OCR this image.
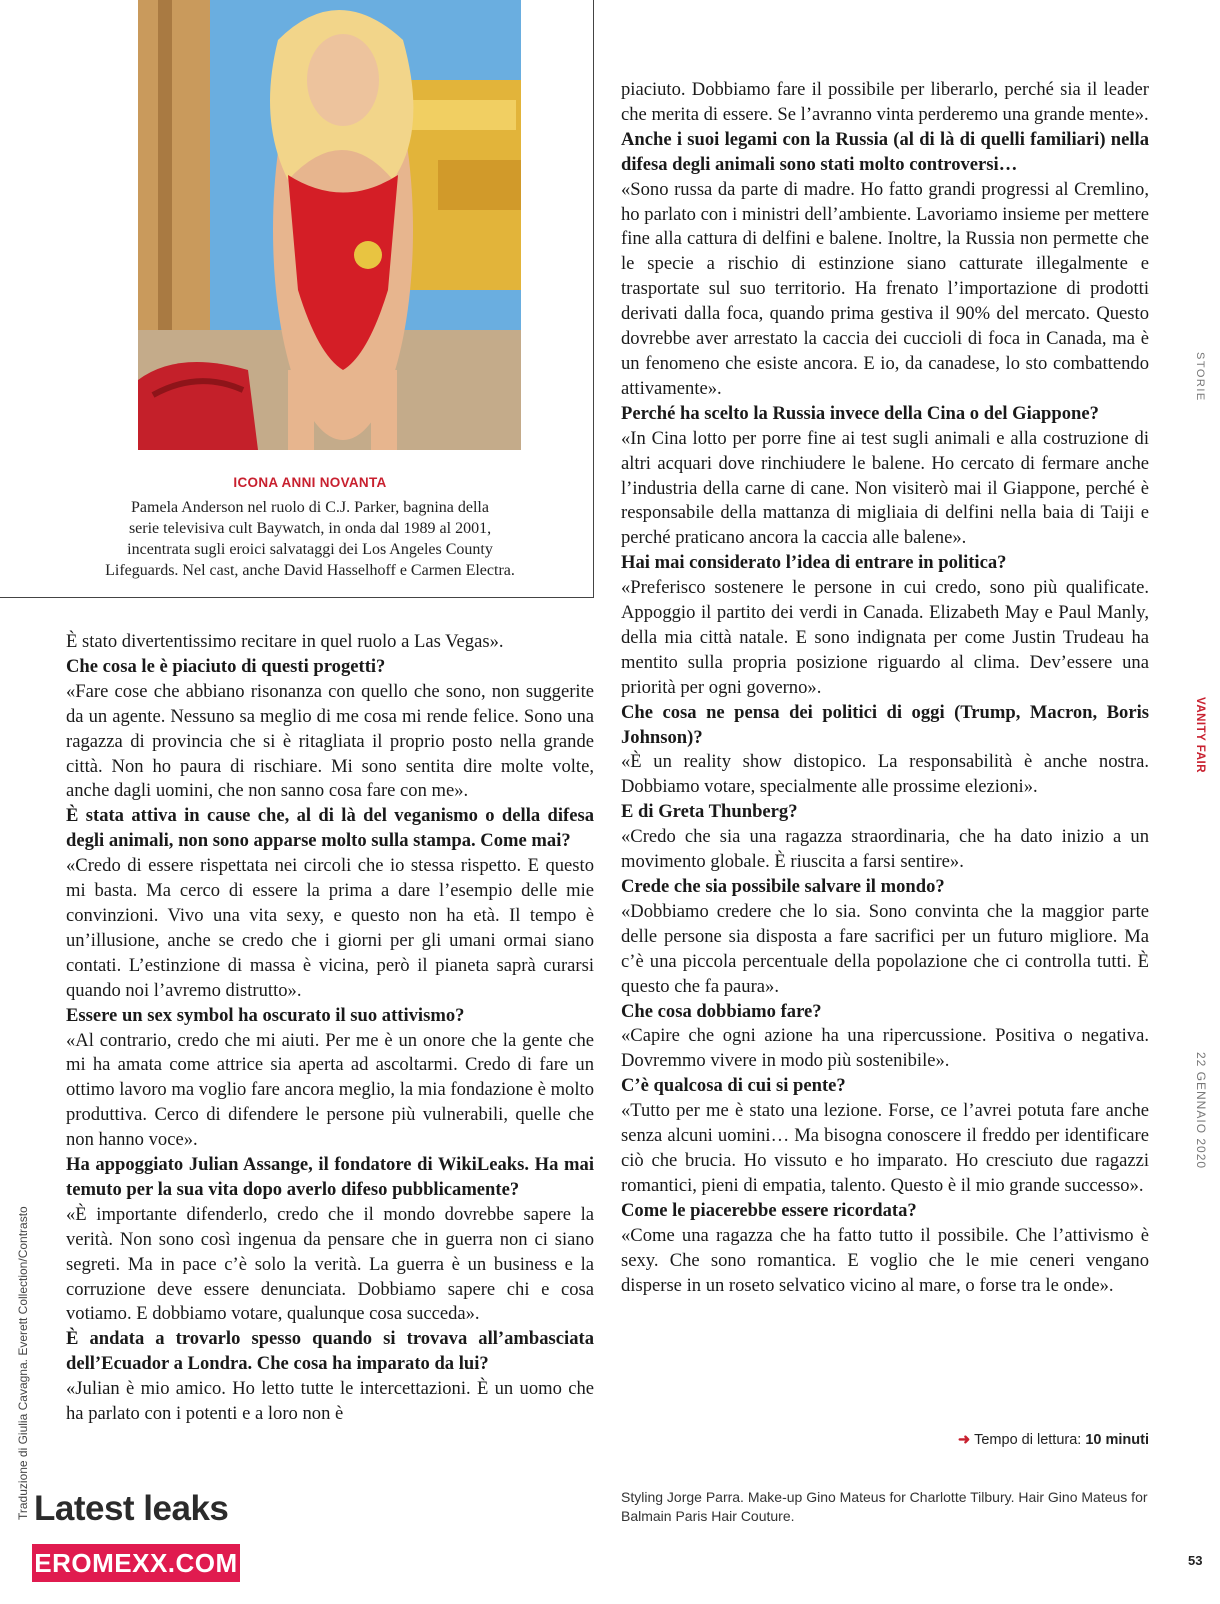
ICONA ANNI NOVANTA
Pamela Anderson nel ruolo di C.J. Parker, bagnina della
serie televisiva cult Baywatch, in onda dal 1989 al 2001,
incentrata sugli eroici salvataggi dei Los Angeles County
Lifeguards. Nel cast, anche David Hasselhoff e Carmen Electra.

È stato divertentissimo recitare in quel ruolo a Las Vegas».

Che cosa le è piaciuto di questi progetti?

«Fare cose che abbiano risonanza con quello che sono, non suggerite da un agente. Nessuno sa meglio di me cosa mi rende felice. Sono una ragazza di provincia che si è ritagliata il proprio posto nella grande città. Non ho paura di rischiare. Mi sono sentita dire molte volte, anche dagli uomini, che non sanno cosa fare con me».

È stata attiva in cause che, al di là del veganismo o della difesa degli animali, non sono apparse molto sulla stampa. Come mai?

«Credo di essere rispettata nei circoli che io stessa rispetto. E questo mi basta. Ma cerco di essere la prima a dare l’esempio delle mie convinzioni. Vivo una vita sexy, e questo non ha età. Il tempo è un’illusione, anche se credo che i giorni per gli umani ormai siano contati. L’estinzione di massa è vicina, però il pianeta saprà curarsi quando noi l’avremo distrutto».

Essere un sex symbol ha oscurato il suo attivismo?

«Al contrario, credo che mi aiuti. Per me è un onore che la gente che mi ha amata come attrice sia aperta ad ascoltarmi. Credo di fare un ottimo lavoro ma voglio fare ancora meglio, la mia fondazione è molto produttiva. Cerco di difendere le persone più vulnerabili, quelle che non hanno voce».

Ha appoggiato Julian Assange, il fondatore di WikiLeaks. Ha mai temuto per la sua vita dopo averlo difeso pubblicamente?

«È importante difenderlo, credo che il mondo dovrebbe sapere la verità. Non sono così ingenua da pensare che in guerra non ci siano segreti. Ma in pace c’è solo la verità. La guerra è un business e la corruzione deve essere denunciata. Dobbiamo sapere chi e cosa votiamo. E dobbiamo votare, qualunque cosa succeda».

È andata a trovarlo spesso quando si trovava all’ambasciata dell’Ecuador a Londra. Che cosa ha imparato da lui?

«Julian è mio amico. Ho letto tutte le intercettazioni. È un uomo che ha parlato con i potenti e a loro non è

piaciuto. Dobbiamo fare il possibile per liberarlo, perché sia il leader che merita di essere. Se l’avranno vinta perderemo una grande mente».

Anche i suoi legami con la Russia (al di là di quelli familiari) nella difesa degli animali sono stati molto controversi…

«Sono russa da parte di madre. Ho fatto grandi progressi al Cremlino, ho parlato con i ministri dell’ambiente. Lavoriamo insieme per mettere fine alla cattura di delfini e balene. Inoltre, la Russia non permette che le specie a rischio di estinzione siano catturate illegalmente e trasportate sul suo territorio. Ha frenato l’importazione di prodotti derivati dalla foca, quando prima gestiva il 90% del mercato. Questo dovrebbe aver arrestato la caccia dei cuccioli di foca in Canada, ma è un fenomeno che esiste ancora. E io, da canadese, lo sto combattendo attivamente».

Perché ha scelto la Russia invece della Cina o del Giappone?

«In Cina lotto per porre fine ai test sugli animali e alla costruzione di altri acquari dove rinchiudere le balene. Ho cercato di fermare anche l’industria della carne di cane. Non visiterò mai il Giappone, perché è responsabile della mattanza di migliaia di delfini nella baia di Taiji e perché praticano ancora la caccia alle balene».

Hai mai considerato l’idea di entrare in politica?

«Preferisco sostenere le persone in cui credo, sono più qualificate. Appoggio il partito dei verdi in Canada. Elizabeth May e Paul Manly, della mia città natale. E sono indignata per come Justin Trudeau ha mentito sulla propria posizione riguardo al clima. Dev’essere una priorità per ogni governo».

Che cosa ne pensa dei politici di oggi (Trump, Macron, Boris Johnson)?

«È un reality show distopico. La responsabilità è anche nostra. Dobbiamo votare, specialmente alle prossime elezioni».

E di Greta Thunberg?

«Credo che sia una ragazza straordinaria, che ha dato inizio a un movimento globale. È riuscita a farsi sentire».

Crede che sia possibile salvare il mondo?

«Dobbiamo credere che lo sia. Sono convinta che la maggior parte delle persone sia disposta a fare sacrifici per un futuro migliore. Ma c’è una piccola percentuale della popolazione che ci controlla tutti. È questo che fa paura».

Che cosa dobbiamo fare?

«Capire che ogni azione ha una ripercussione. Positiva o negativa. Dovremmo vivere in modo più sostenibile».

C’è qualcosa di cui si pente?

«Tutto per me è stato una lezione. Forse, ce l’avrei potuta fare anche senza alcuni uomini… Ma bisogna conoscere il freddo per identificare ciò che brucia. Ho vissuto e ho imparato. Ho cresciuto due ragazzi romantici, pieni di empatia, talento. Questo è il mio grande successo».

Come le piacerebbe essere ricordata?

«Come una ragazza che ha fatto tutto il possibile. Che l’attivismo è sexy. Che sono romantica. E voglio che le mie ceneri vengano disperse in un roseto selvatico vicino al mare, o forse tra le onde».

➜ Tempo di lettura: 10 minuti
Styling Jorge Parra. Make-up Gino Mateus for Charlotte Tilbury. Hair Gino Mateus for Balmain Paris Hair Couture.
STORIE
VANITY FAIR
22 GENNAIO 2020
Traduzione di Giulia Cavagna. Everett Collection/Contrasto
53
Latest leaks
EROMEXX.COM
